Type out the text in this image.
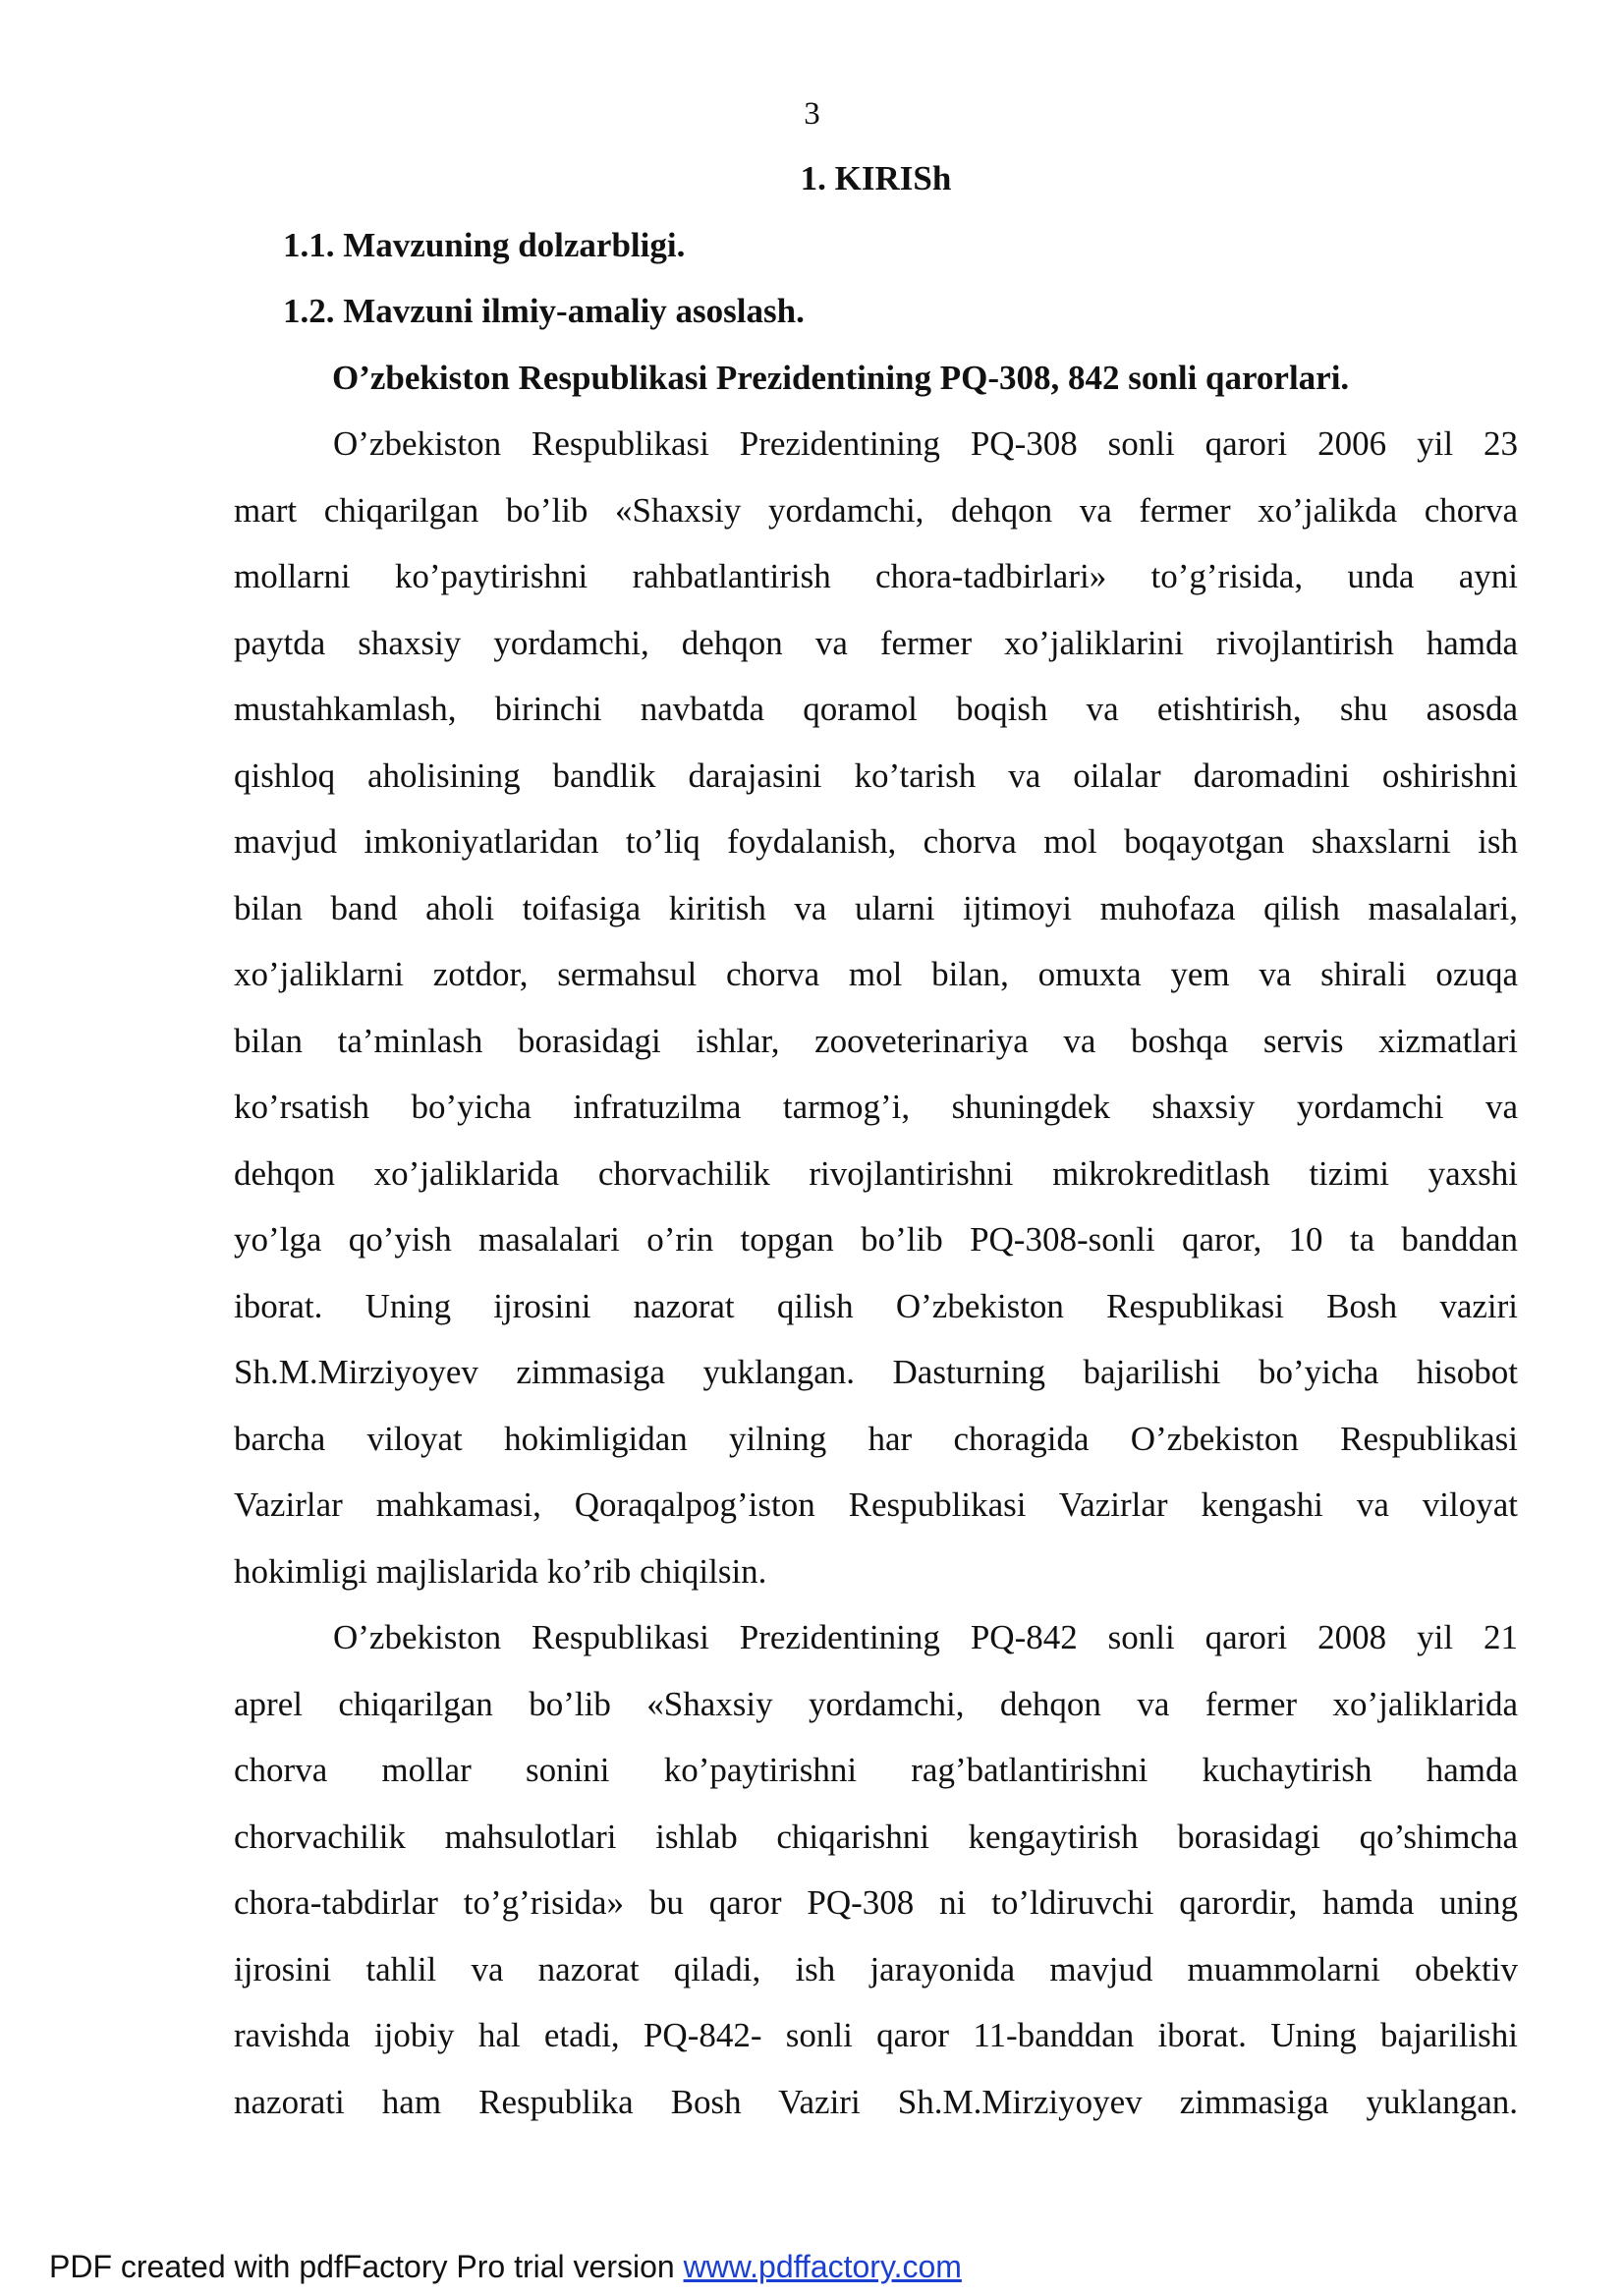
3
1. KIRISh
1.1. Mavzuning dolzarbligi.
1.2. Mavzuni ilmiy-amaliy asoslash.
O’zbekiston Respublikasi Prezidentining PQ-308, 842 sonli qarorlari.
O’zbekiston Respublikasi Prezidentining PQ-308 sonli qarori 2006 yil 23
mart chiqarilgan bo’lib «Shaxsiy yordamchi, dehqon va fermer xo’jalikda chorva
mollarni ko’paytirishni rahbatlantirish chora-tadbirlari» to’g’risida, unda ayni
paytda shaxsiy yordamchi, dehqon va fermer xo’jaliklarini rivojlantirish hamda
mustahkamlash, birinchi navbatda qoramol boqish va etishtirish, shu asosda
qishloq aholisining bandlik darajasini ko’tarish va oilalar daromadini oshirishni
mavjud imkoniyatlaridan to’liq foydalanish, chorva mol boqayotgan shaxslarni ish
bilan band aholi toifasiga kiritish va ularni ijtimoyi muhofaza qilish masalalari,
xo’jaliklarni zotdor, sermahsul chorva mol bilan, omuxta yem va shirali ozuqa
bilan ta’minlash borasidagi ishlar, zooveterinariya va boshqa servis xizmatlari
ko’rsatish bo’yicha infratuzilma tarmog’i, shuningdek shaxsiy yordamchi va
dehqon xo’jaliklarida chorvachilik rivojlantirishni mikrokreditlash tizimi yaxshi
yo’lga qo’yish masalalari o’rin topgan bo’lib PQ-308-sonli qaror, 10 ta banddan
iborat. Uning ijrosini nazorat qilish O’zbekiston Respublikasi Bosh vaziri
Sh.M.Mirziyoyev zimmasiga yuklangan. Dasturning bajarilishi bo’yicha hisobot
barcha viloyat hokimligidan yilning har choragida O’zbekiston Respublikasi
Vazirlar mahkamasi, Qoraqalpog’iston Respublikasi Vazirlar kengashi va viloyat
hokimligi majlislarida ko’rib chiqilsin.
O’zbekiston Respublikasi Prezidentining PQ-842 sonli qarori 2008 yil 21
aprel chiqarilgan bo’lib «Shaxsiy yordamchi, dehqon va fermer xo’jaliklarida
chorva mollar sonini ko’paytirishni rag’batlantirishni kuchaytirish hamda
chorvachilik mahsulotlari ishlab chiqarishni kengaytirish borasidagi qo’shimcha
chora-tabdirlar to’g’risida» bu qaror PQ-308 ni to’ldiruvchi qarordir, hamda uning
ijrosini tahlil va nazorat qiladi, ish jarayonida mavjud muammolarni obektiv
ravishda ijobiy hal etadi, PQ-842- sonli qaror 11-banddan iborat. Uning bajarilishi
nazorati ham Respublika Bosh Vaziri Sh.M.Mirziyoyev zimmasiga yuklangan.
PDF created with pdfFactory Pro trial version www.pdffactory.com
